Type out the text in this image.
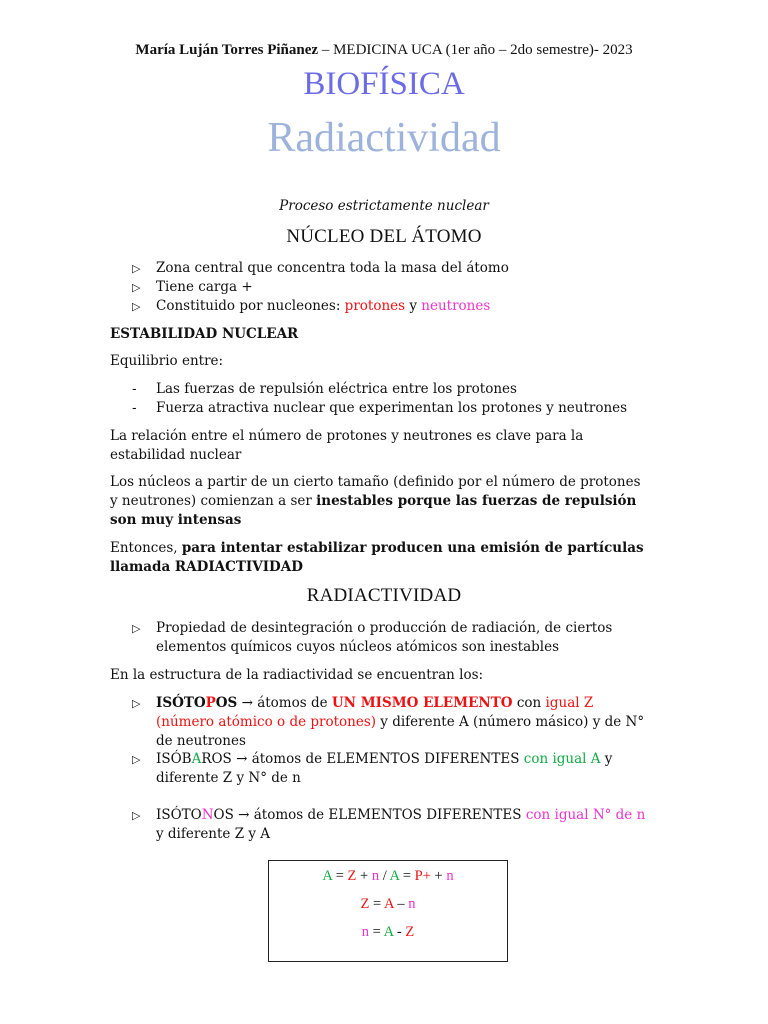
María Luján Torres Piñanez – MEDICINA UCA (1er año – 2do semestre)- 2023
BIOFÍSICA
Radiactividad
Proceso estrictamente nuclear
NÚCLEO DEL ÁTOMO
▷ Zona central que concentra toda la masa del átomo
▷ Tiene carga +
▷ Constituido por nucleones: protones y neutrones
ESTABILIDAD NUCLEAR
Equilibrio entre:
- Las fuerzas de repulsión eléctrica entre los protones
- Fuerza atractiva nuclear que experimentan los protones y neutrones
La relación entre el número de protones y neutrones es clave para la estabilidad nuclear
Los núcleos a partir de un cierto tamaño (definido por el número de protones y neutrones) comienzan a ser inestables porque las fuerzas de repulsión son muy intensas
Entonces, para intentar estabilizar producen una emisión de partículas llamada RADIACTIVIDAD
RADIACTIVIDAD
▷ Propiedad de desintegración o producción de radiación, de ciertos elementos químicos cuyos núcleos atómicos son inestables
En la estructura de la radiactividad se encuentran los:
▷ ISÓTOPOS → átomos de UN MISMO ELEMENTO con igual Z (número atómico o de protones) y diferente A (número másico) y de N° de neutrones
▷ ISÓBAROS → átomos de ELEMENTOS DIFERENTES con igual A y diferente Z y N° de n
▷ ISÓTONOS → átomos de ELEMENTOS DIFERENTES con igual N° de n y diferente Z y A
A = Z + n / A = P+ + n
Z = A – n
n = A - Z
